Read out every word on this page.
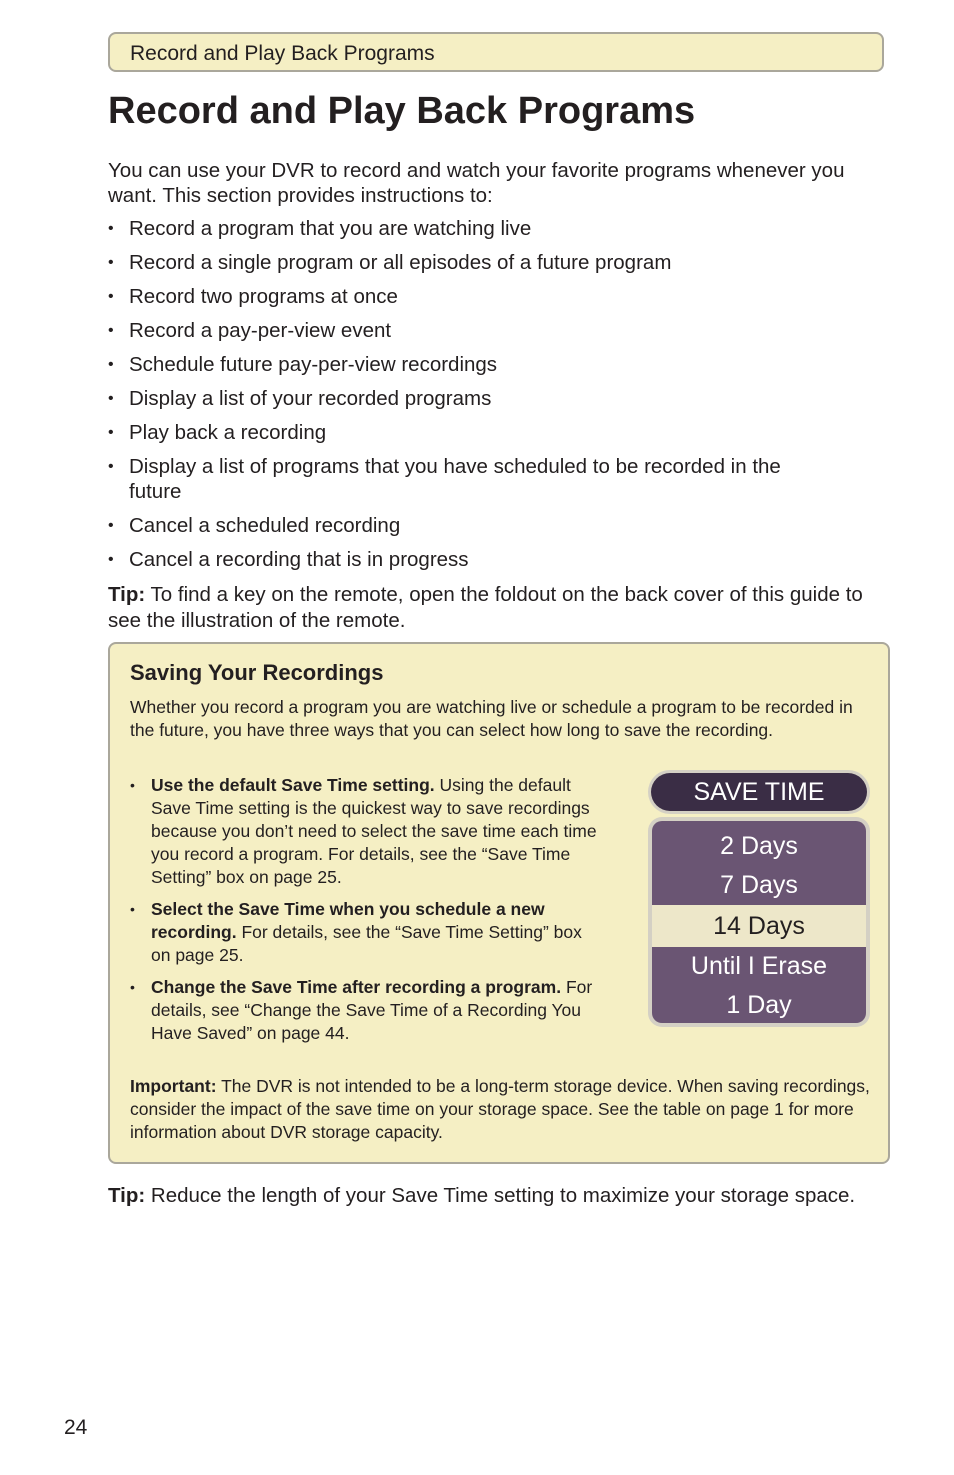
Record and Play Back Programs
Record and Play Back Programs

You can use your DVR to record and watch your favorite programs whenever you want. This section provides instructions to:

• Record a program that you are watching live
• Record a single program or all episodes of a future program
• Record two programs at once
• Record a pay-per-view event
• Schedule future pay-per-view recordings
• Display a list of your recorded programs
• Play back a recording
• Display a list of programs that you have scheduled to be recorded in the future
• Cancel a scheduled recording
• Cancel a recording that is in progress

Tip: To find a key on the remote, open the foldout on the back cover of this guide to see the illustration of the remote.

Saving Your Recordings

Whether you record a program you are watching live or schedule a program to be recorded in the future, you have three ways that you can select how long to save the recording.

• Use the default Save Time setting. Using the default Save Time setting is the quickest way to save recordings because you don’t need to select the save time each time you record a program. For details, see the “Save Time Setting” box on page 25.
• Select the Save Time when you schedule a new recording. For details, see the “Save Time Setting” box on page 25.
• Change the Save Time after recording a program. For details, see “Change the Save Time of a Recording You Have Saved” on page 44.
SAVE TIME
2 Days
7 Days
14 Days
Until I Erase
1 Day

Important: The DVR is not intended to be a long-term storage device. When saving recordings, consider the impact of the save time on your storage space. See the table on page 1 for more information about DVR storage capacity.

Tip: Reduce the length of your Save Time setting to maximize your storage space.

24
